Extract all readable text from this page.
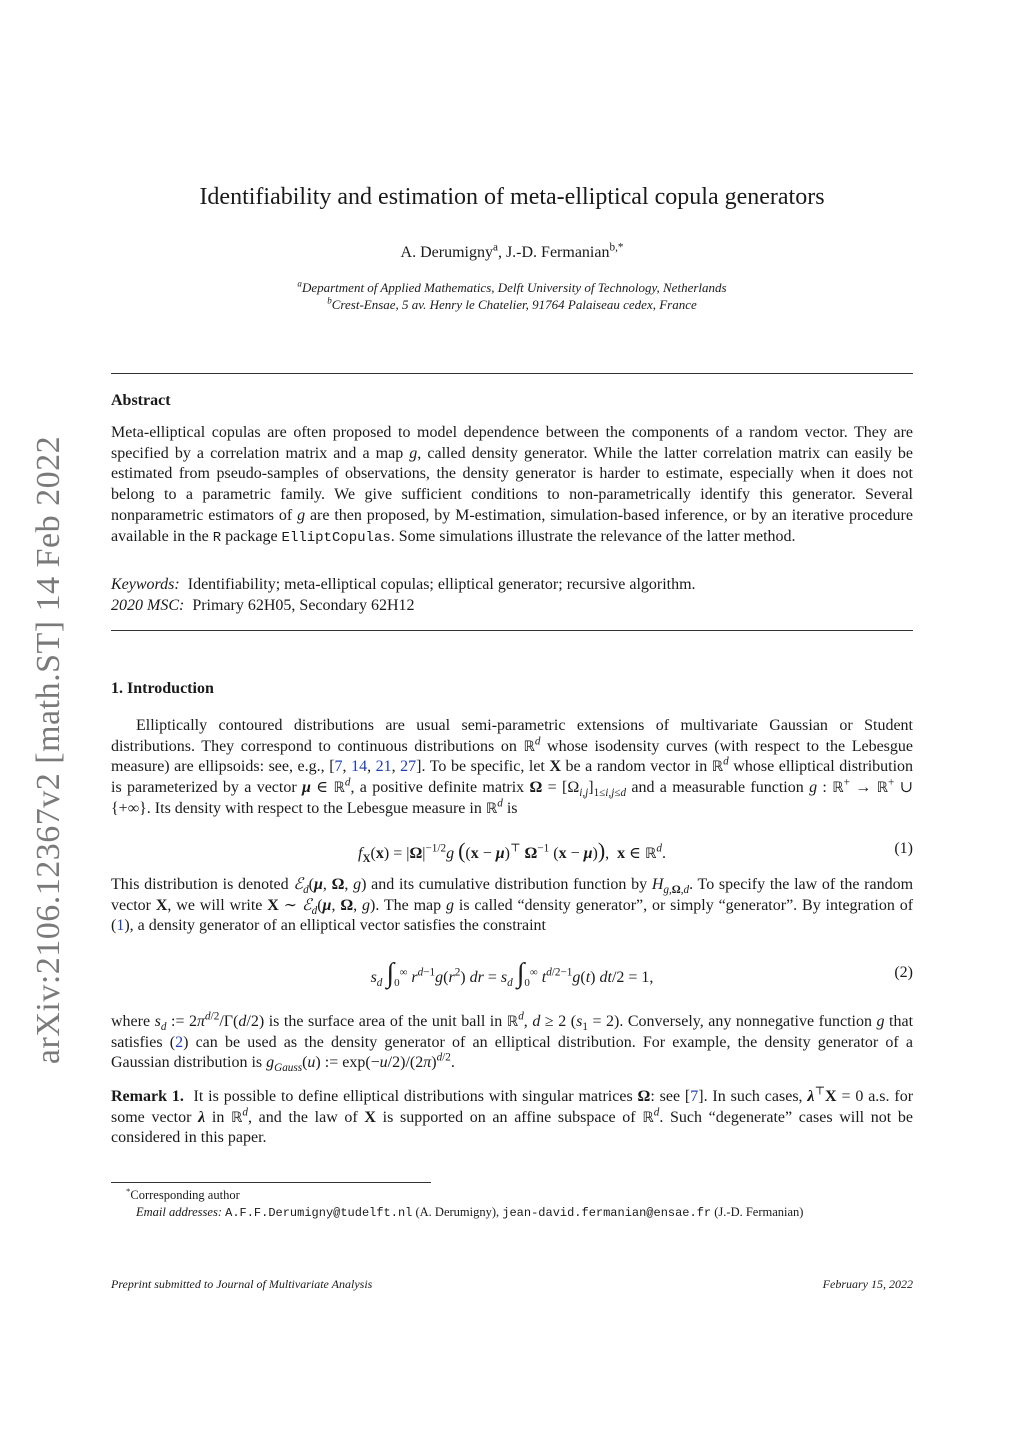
arXiv:2106.12367v2 [math.ST] 14 Feb 2022
Identifiability and estimation of meta-elliptical copula generators
A. Derumigny$^a$, J.-D. Fermanian$^{b,*}$
$^a$Department of Applied Mathematics, Delft University of Technology, Netherlands
$^b$Crest-Ensae, 5 av. Henry le Chatelier, 91764 Palaiseau cedex, France
Abstract
Meta-elliptical copulas are often proposed to model dependence between the components of a random vector. They are specified by a correlation matrix and a map g, called density generator. While the latter correlation matrix can easily be estimated from pseudo-samples of observations, the density generator is harder to estimate, especially when it does not belong to a parametric family. We give sufficient conditions to non-parametrically identify this generator. Several nonparametric estimators of g are then proposed, by M-estimation, simulation-based inference, or by an iterative procedure available in the R package ElliptCopulas. Some simulations illustrate the relevance of the latter method.
Keywords: Identifiability; meta-elliptical copulas; elliptical generator; recursive algorithm.
2020 MSC: Primary 62H05, Secondary 62H12
1. Introduction
Elliptically contoured distributions are usual semi-parametric extensions of multivariate Gaussian or Student distributions. They correspond to continuous distributions on ℝ$^d$ whose isodensity curves (with respect to the Lebesgue measure) are ellipsoids: see, e.g., [7, 14, 21, 27]. To be specific, let X be a random vector in ℝ$^d$ whose elliptical distribution is parameterized by a vector μ ∈ ℝ$^d$, a positive definite matrix $\Omega = [\Omega_{i,j}]_{1\le i,j\le d}$ and a measurable function g : ℝ+ → ℝ+ ∪ {+∞}. Its density with respect to the Lebesgue measure in ℝ$^d$ is
$f_X(x) = |\Omega|^{-1/2}g$ ((x − μ)⊤ $\Omega^{-1}$ (x − μ)),  x ∈ ℝ$^d$.	(1)
This distribution is denoted ℰ$_d$(μ, Ω, g) and its cumulative distribution function by $H_{g,\Omega,d}$. To specify the law of the random vector X, we will write X ∼ ℰ$_d$(μ, Ω, g). The map g is called “density generator”, or simply “generator”. By integration of (1), a density generator of an elliptical vector satisfies the constraint
$s_d$ $\int_0^\infty$ $r^{d-1}g(r^2)$ dr = $s_d$ $\int_0^\infty$ $t^{d/2-1}g(t) dt/2 = 1$,	(2)
where $s_d$ := $2\pi^{d/2}/\Gamma(d/2)$ is the surface area of the unit ball in ℝ$^d$, d ≥ 2 $(s_1 = 2)$. Conversely, any nonnegative function g that satisfies (2) can be used as the density generator of an elliptical distribution. For example, the density generator of a Gaussian distribution is $g_{Gauss}(u)$ := $\exp(-u/2)/(2\pi)^{d/2}$.
Remark 1. It is possible to define elliptical distributions with singular matrices Ω: see [7]. In such cases, λ⊤X = 0 a.s. for some vector λ in ℝ$^d$, and the law of X is supported on an affine subspace of ℝ$^d$. Such “degenerate” cases will not be considered in this paper.
*Corresponding author
Email addresses: A.F.F.Derumigny@tudelft.nl (A. Derumigny), jean-david.fermanian@ensae.fr (J.-D. Fermanian)
Preprint submitted to Journal of Multivariate Analysis	February 15, 2022
